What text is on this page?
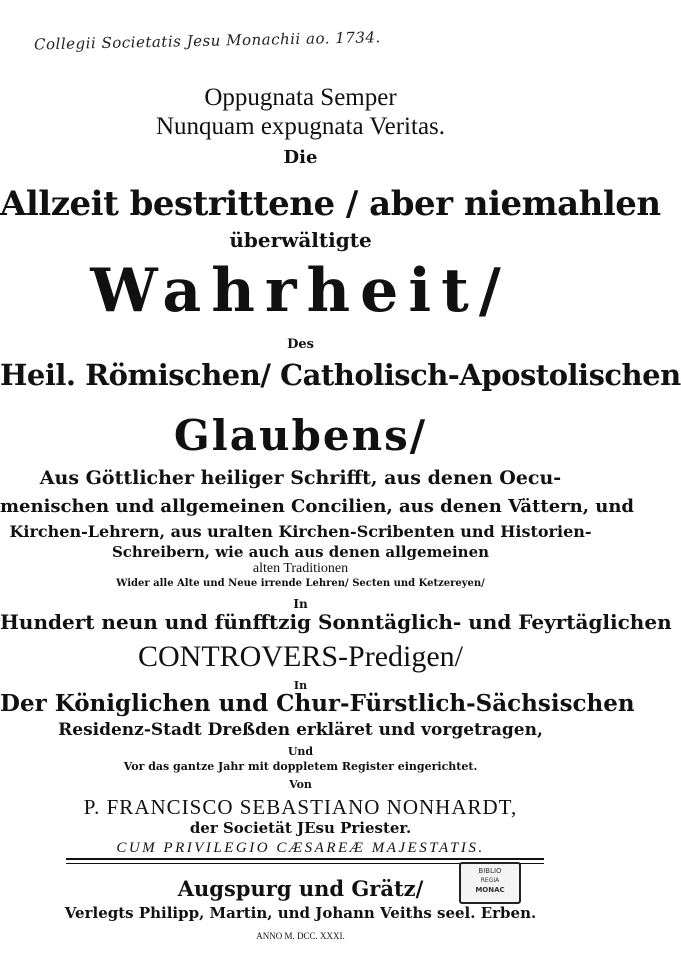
Collegii Societatis Jesu Monachii ao. 1734.
Oppugnata Semper
Nunquam expugnata Veritas.
Die
Allzeit bestrittene / aber niemahlen
überwältigte
Wahrheit/
Des
Heil. Römischen/ Catholisch-Apostolischen
Glaubens/
Aus Göttlicher heiliger Schrifft, aus denen Oecu-
menischen und allgemeinen Concilien, aus denen Vättern, und
Kirchen-Lehrern, aus uralten Kirchen-Scribenten und Historien-
Schreibern, wie auch aus denen allgemeinen
alten Traditionen
Wider alle Alte und Neue irrende Lehren/ Secten und Ketzereyen/
In
Hundert neun und fünfftzig Sonntäglich- und Feyrtäglichen
CONTROVERS-Predigen/
In
Der Königlichen und Chur-Fürstlich-Sächsischen
Residenz-Stadt Dreßden erkläret und vorgetragen,
Und
Vor das gantze Jahr mit doppletem Register eingerichtet.
Von
P. FRANCISCO SEBASTIANO NONHARDT,
der Societät JEsu Priester.
CUM PRIVILEGIO CÆSAREÆ MAJESTATIS.
Augspurg und Grätz/
Verlegts Philipp, Martin, und Johann Veiths seel. Erben.
ANNO M. DCC. XXXI.
BIBLIO
REGIA
MONAC
